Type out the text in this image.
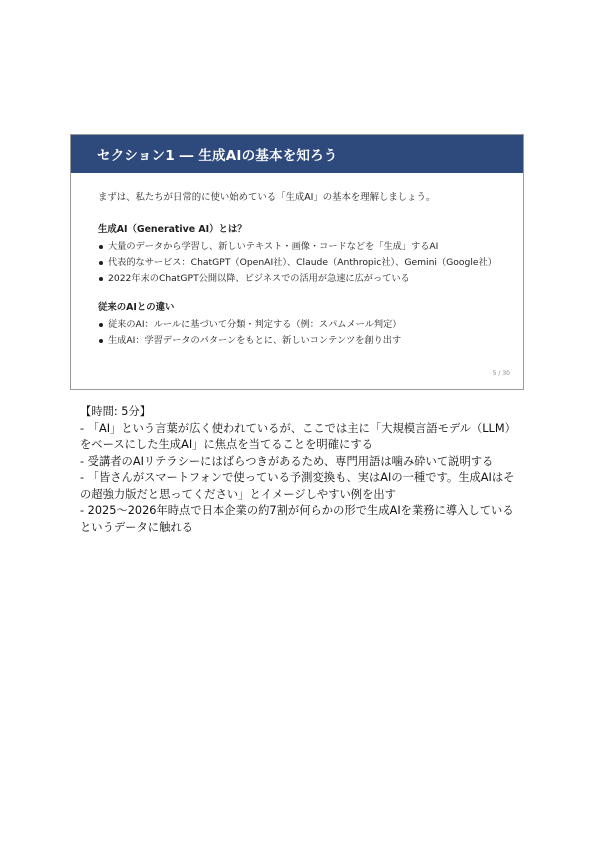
セクション1 ― 生成AIの基本を知ろう

まずは、私たちが日常的に使い始めている「生成AI」の基本を理解しましょう。

生成AI（Generative AI）とは？

大量のデータから学習し、新しいテキスト・画像・コードなどを「生成」するAI
代表的なサービス：ChatGPT（OpenAI社）、Claude（Anthropic社）、Gemini（Google社）
2022年末のChatGPT公開以降、ビジネスでの活用が急速に広がっている

従来のAIとの違い

従来のAI：ルールに基づいて分類・判定する（例：スパムメール判定）
生成AI：学習データのパターンをもとに、新しいコンテンツを創り出す
5 / 30

【時間: 5分】

- 「AI」という言葉が広く使われているが、ここでは主に「大規模言語モデル（LLM）をベースにした生成AI」に焦点を当てることを明確にする

- 受講者のAIリテラシーにはばらつきがあるため、専門用語は噛み砕いて説明する

- 「皆さんがスマートフォンで使っている予測変換も、実はAIの一種です。生成AIはその超強力版だと思ってください」とイメージしやすい例を出す

- 2025〜2026年時点で日本企業の約7割が何らかの形で生成AIを業務に導入しているというデータに触れる
